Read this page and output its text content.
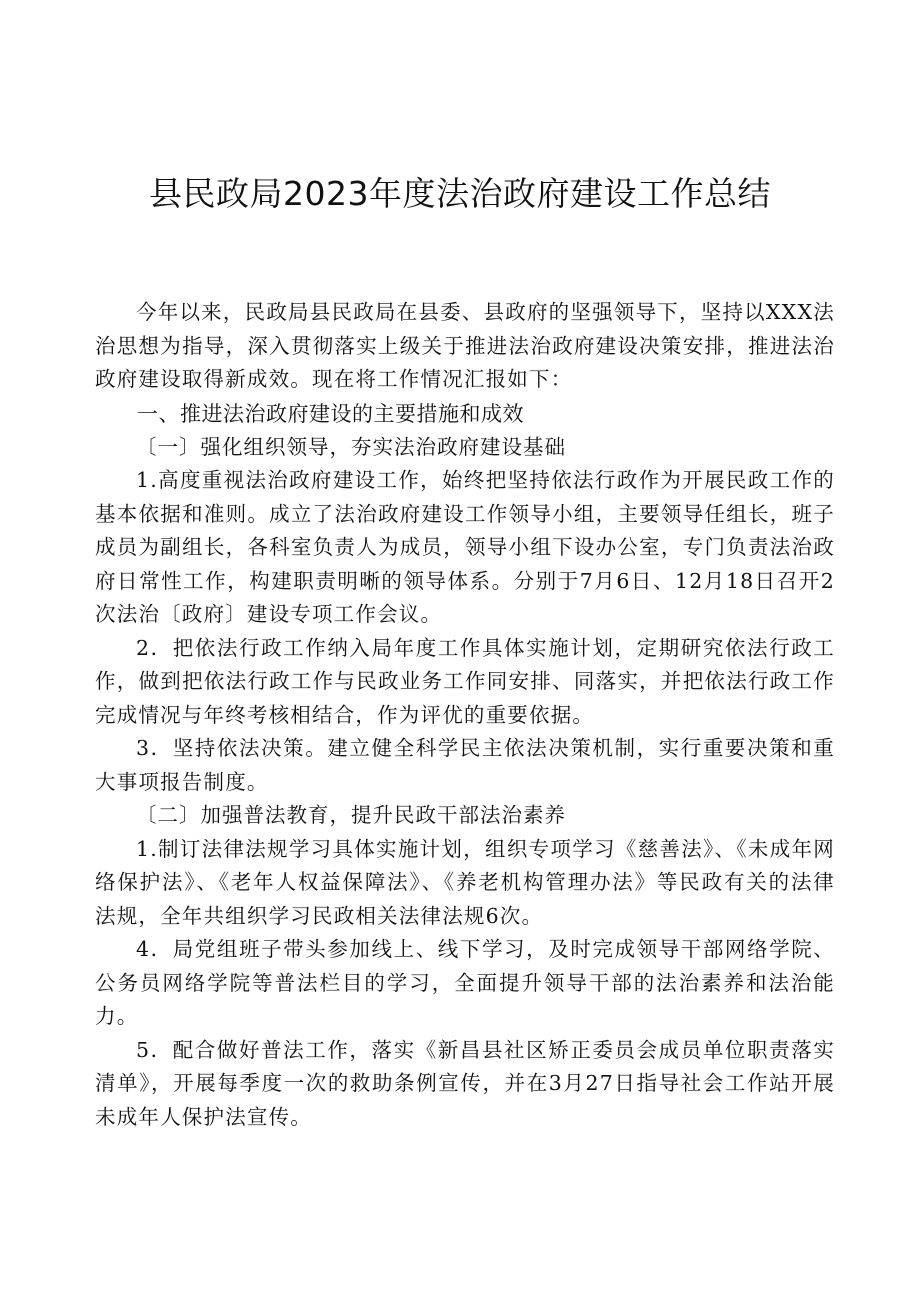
县民政局2023年度法治政府建设工作总结

今年以来，民政局县民政局在县委、县政府的坚强领导下，坚持以XXX法治思想为指导，深入贯彻落实上级关于推进法治政府建设决策安排，推进法治政府建设取得新成效。现在将工作情况汇报如下：

一、推进法治政府建设的主要措施和成效

〔一〕强化组织领导，夯实法治政府建设基础

1.高度重视法治政府建设工作，始终把坚持依法行政作为开展民政工作的基本依据和准则。成立了法治政府建设工作领导小组，主要领导任组长，班子成员为副组长，各科室负责人为成员，领导小组下设办公室，专门负责法治政府日常性工作，构建职责明晰的领导体系。分别于7月6日、12月18日召开2次法治〔政府〕建设专项工作会议。

2．把依法行政工作纳入局年度工作具体实施计划，定期研究依法行政工作，做到把依法行政工作与民政业务工作同安排、同落实，并把依法行政工作完成情况与年终考核相结合，作为评优的重要依据。

3．坚持依法决策。建立健全科学民主依法决策机制，实行重要决策和重大事项报告制度。

〔二〕加强普法教育，提升民政干部法治素养

1.制订法律法规学习具体实施计划，组织专项学习《慈善法》、《未成年网络保护法》、《老年人权益保障法》、《养老机构管理办法》等民政有关的法律法规，全年共组织学习民政相关法律法规6次。

4．局党组班子带头参加线上、线下学习，及时完成领导干部网络学院、公务员网络学院等普法栏目的学习，全面提升领导干部的法治素养和法治能力。

5．配合做好普法工作，落实《新昌县社区矫正委员会成员单位职责落实清单》，开展每季度一次的救助条例宣传，并在3月27日指导社会工作站开展未成年人保护法宣传。
